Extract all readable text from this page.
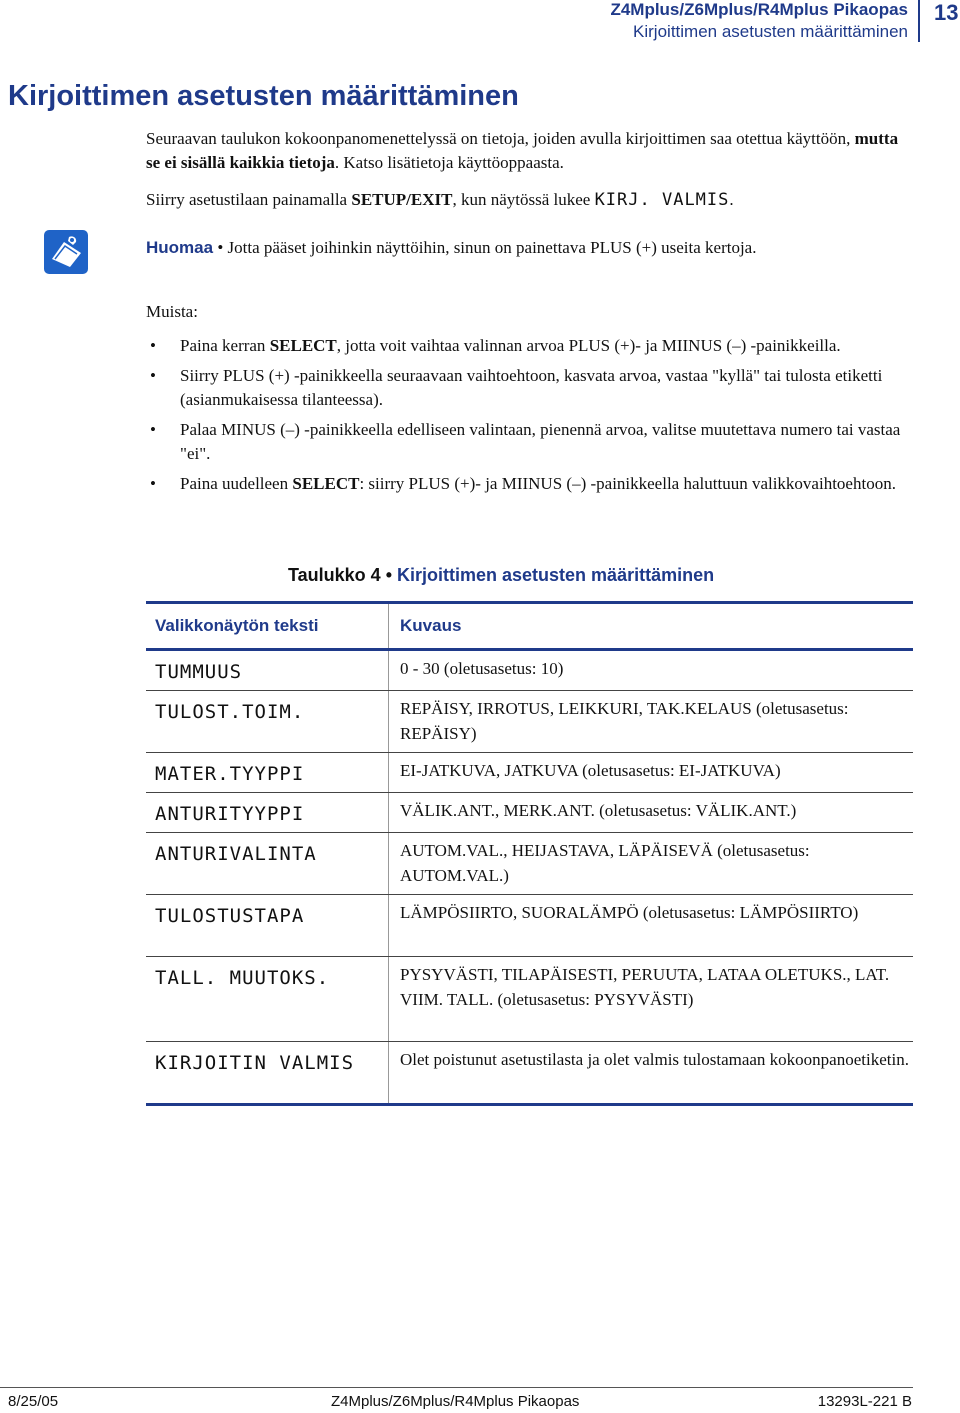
Z4Mplus/Z6Mplus/R4Mplus Pikaopas
Kirjoittimen asetusten määrittäminen
13
Kirjoittimen asetusten määrittäminen

Seuraavan taulukon kokoonpanomenettelyssä on tietoja, joiden avulla kirjoittimen saa otettua käyttöön, mutta se ei sisällä kaikkia tietoja. Katso lisätietoja käyttöoppaasta.

Siirry asetustilaan painamalla SETUP/EXIT, kun näytössä lukee KIRJ. VALMIS.

Huomaa • Jotta pääset joihinkin näyttöihin, sinun on painettava PLUS (+) useita kertoja.
Muista:
• Paina kerran SELECT, jotta voit vaihtaa valinnan arvoa PLUS (+)- ja MIINUS (–) -painikkeilla.
• Siirry PLUS (+) -painikkeella seuraavaan vaihtoehtoon, kasvata arvoa, vastaa "kyllä" tai tulosta etiketti (asianmukaisessa tilanteessa).
• Palaa MINUS (–) -painikkeella edelliseen valintaan, pienennä arvoa, valitse muutettava numero tai vastaa "ei".
• Paina uudelleen SELECT: siirry PLUS (+)- ja MIINUS (–) -painikkeella haluttuun valikkovaihtoehtoon.
Taulukko 4 • Kirjoittimen asetusten määrittäminen
Valikkonäytön teksti	Kuvaus
TUMMUUS	0 - 30 (oletusasetus: 10)
TULOST.TOIM.	REPÄISY, IRROTUS, LEIKKURI, TAK.KELAUS (oletusasetus: REPÄISY)
MATER.TYYPPI	EI-JATKUVA, JATKUVA (oletusasetus: EI-JATKUVA)
ANTURITYYPPI	VÄLIK.ANT., MERK.ANT. (oletusasetus: VÄLIK.ANT.)
ANTURIVALINTA	AUTOM.VAL., HEIJASTAVA, LÄPÄISEVÄ (oletusasetus: AUTOM.VAL.)
TULOSTUSTAPA	LÄMPÖSIIRTO, SUORALÄMPÖ (oletusasetus: LÄMPÖSIIRTO)
TALL. MUUTOKS.	PYSYVÄSTI, TILAPÄISESTI, PERUUTA, LATAA OLETUKS., LAT. VIIM. TALL. (oletusasetus: PYSYVÄSTI)
KIRJOITIN VALMIS	Olet poistunut asetustilasta ja olet valmis tulostamaan kokoonpanoetiketin.
8/25/05	Z4Mplus/Z6Mplus/R4Mplus Pikaopas	13293L-221 B
